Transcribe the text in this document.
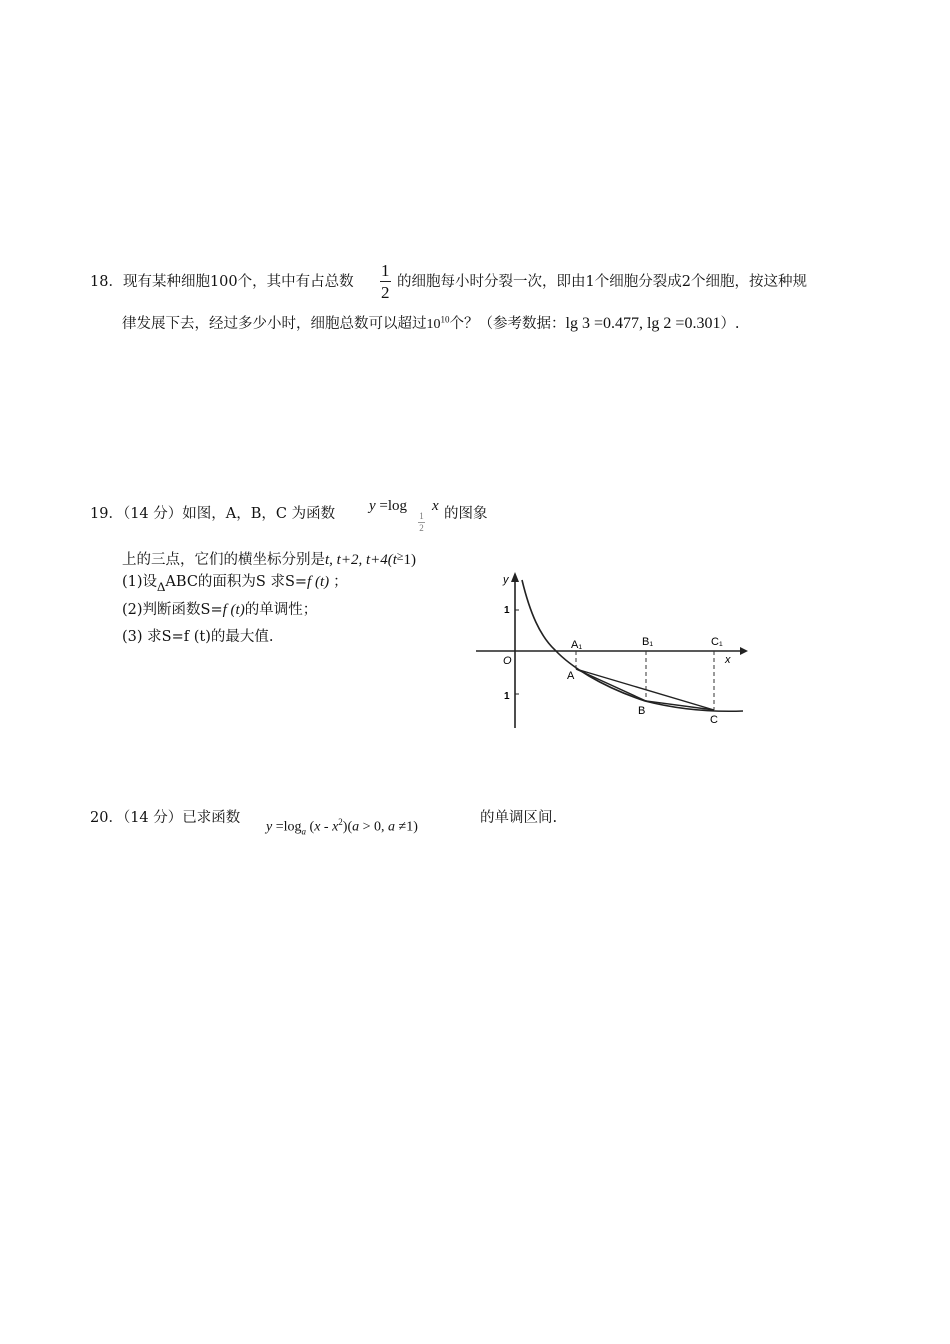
18．现有某种细胞100个，其中有占总数 $\frac{1}{2}$ 的细胞每小时分裂一次，即由1个细胞分裂成2个细胞，按这种规
律发展下去，经过多少小时，细胞总数可以超过$10^{10}$个？（参考数据：lg 3 =0.477, lg 2 =0.301）.
19．（14 分）如图，A，B，C 为函数 y =log
1
2
x 的图象
上的三点，它们的横坐标分别是t, t+2, t+4(t≥1)
(1)设ΔABC的面积为S 求S=f (t) ；
(2)判断函数S=f (t)的单调性；
(3) 求S=f (t)的最大值.
y
x
O
1
1
A₁	B₁	C₁
A
B
C
20．（14 分）已求函数
$y =\log_a$ $(x - x^2)(a > 0$, a ≠1)
的单调区间.
